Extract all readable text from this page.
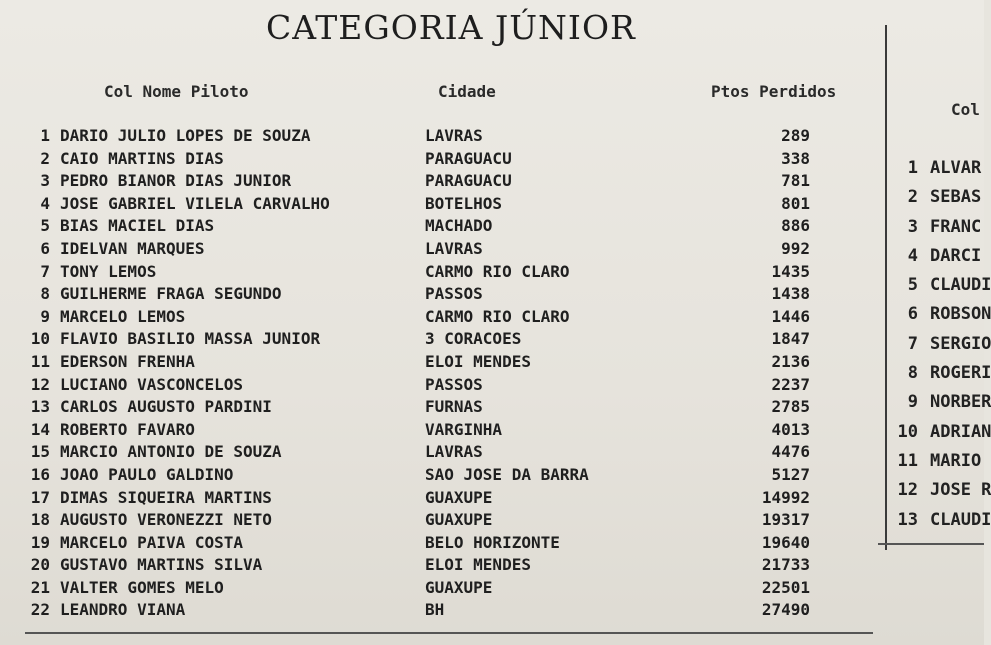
CATEGORIA JÚNIOR
Col Nome Piloto	Cidade	Ptos Perdidos
1 DARIO JULIO LOPES DE SOUZA	LAVRAS	289
2 CAIO MARTINS DIAS	PARAGUACU	338
3 PEDRO BIANOR DIAS JUNIOR	PARAGUACU	781
4 JOSE GABRIEL VILELA CARVALHO	BOTELHOS	801
5 BIAS MACIEL DIAS	MACHADO	886
6 IDELVAN MARQUES	LAVRAS	992
7 TONY LEMOS	CARMO RIO CLARO	1435
8 GUILHERME FRAGA SEGUNDO	PASSOS	1438
9 MARCELO LEMOS	CARMO RIO CLARO	1446
10 FLAVIO BASILIO MASSA JUNIOR	3 CORACOES	1847
11 EDERSON FRENHA	ELOI MENDES	2136
12 LUCIANO VASCONCELOS	PASSOS	2237
13 CARLOS AUGUSTO PARDINI	FURNAS	2785
14 ROBERTO FAVARO	VARGINHA	4013
15 MARCIO ANTONIO DE SOUZA	LAVRAS	4476
16 JOAO PAULO GALDINO	SAO JOSE DA BARRA	5127
17 DIMAS SIQUEIRA MARTINS	GUAXUPE	14992
18 AUGUSTO VERONEZZI NETO	GUAXUPE	19317
19 MARCELO PAIVA COSTA	BELO HORIZONTE	19640
20 GUSTAVO MARTINS SILVA	ELOI MENDES	21733
21 VALTER GOMES MELO	GUAXUPE	22501
22 LEANDRO VIANA	BH	27490
Col
1 ALVAR
2 SEBAS
3 FRANC
4 DARCI
5 CLAUDI
6 ROBSON
7 SERGIO
8 ROGERI
9 NORBER
10 ADRIAN
11 MARIO
12 JOSE R
13 CLAUDI
